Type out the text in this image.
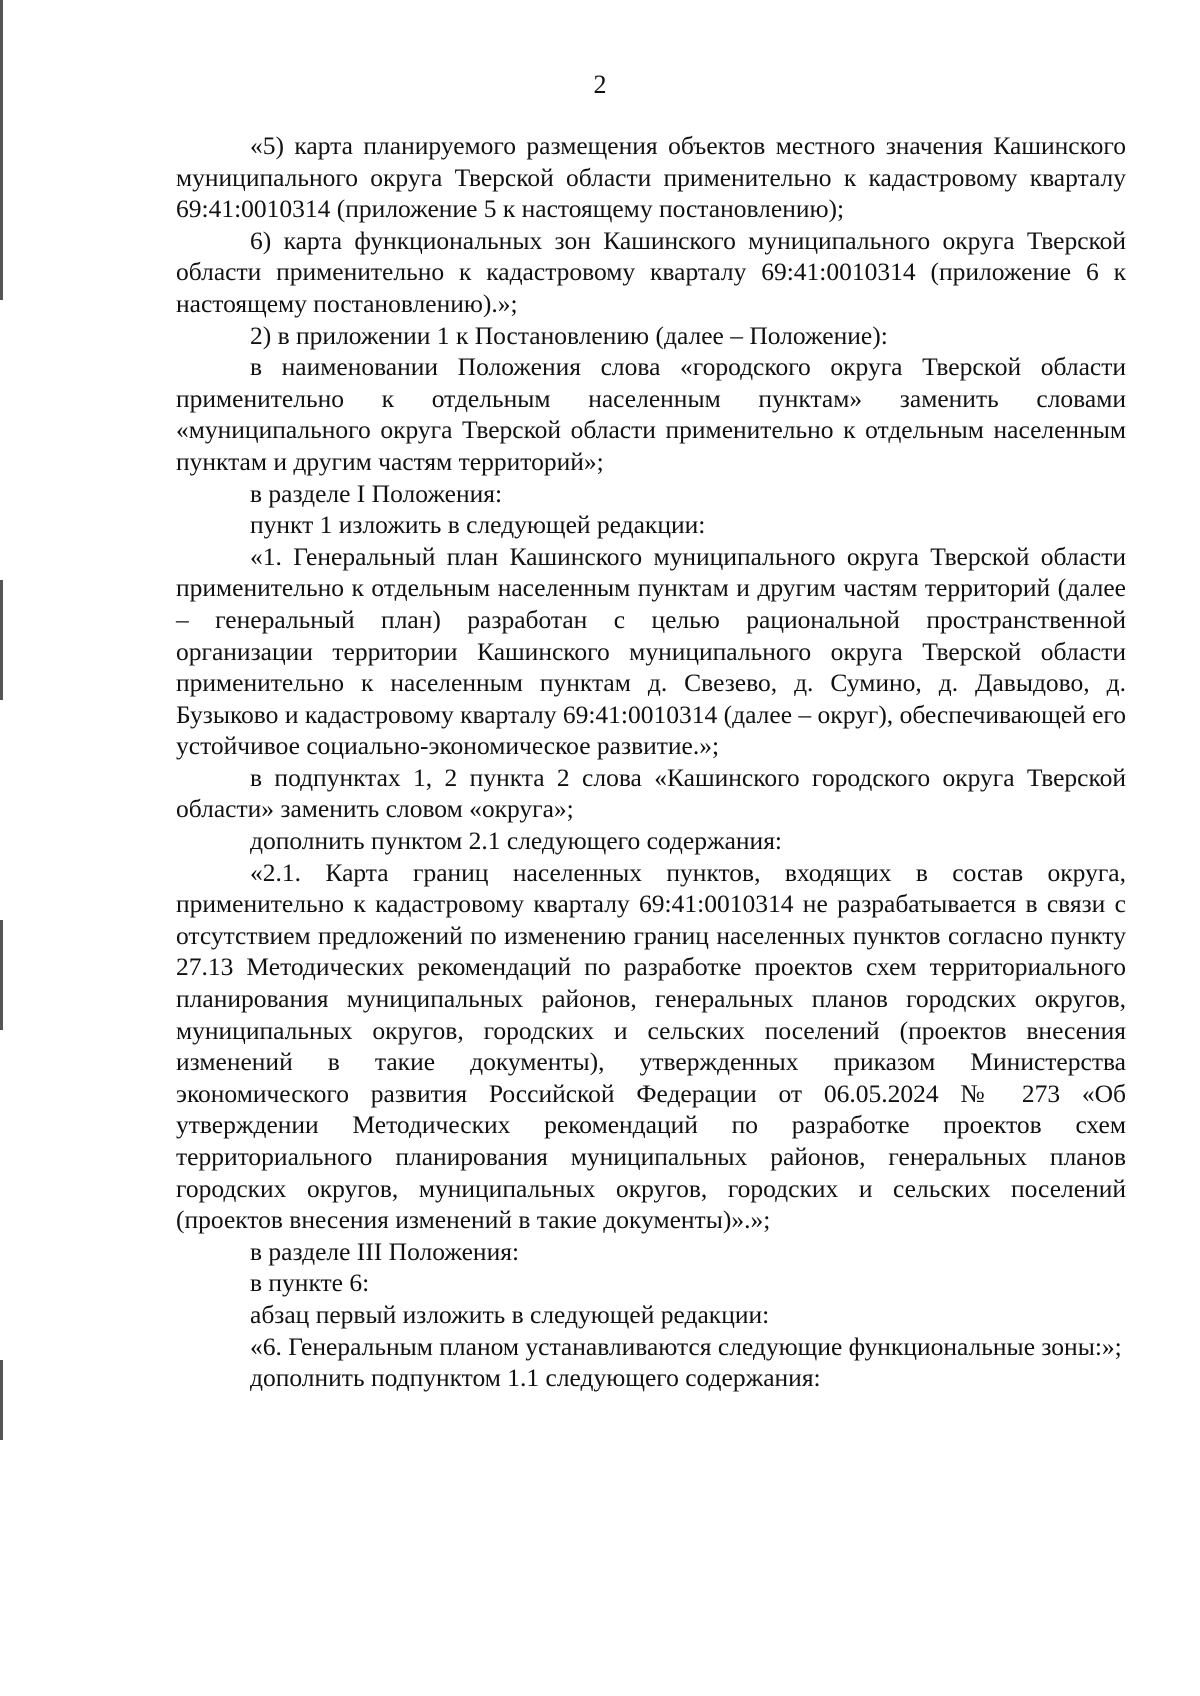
2

«5) карта планируемого размещения объектов местного значения Кашинского муниципального округа Тверской области применительно к кадастровому кварталу 69:41:0010314 (приложение 5 к настоящему постановлению);

6) карта функциональных зон Кашинского муниципального округа Тверской области применительно к кадастровому кварталу 69:41:0010314 (приложение 6 к настоящему постановлению).»;

2) в приложении 1 к Постановлению (далее – Положение):

в наименовании Положения слова «городского округа Тверской области применительно к отдельным населенным пунктам» заменить словами «муниципального округа Тверской области применительно к отдельным населенным пунктам и другим частям территорий»;

в разделе I Положения:

пункт 1 изложить в следующей редакции:

«1. Генеральный план Кашинского муниципального округа Тверской области применительно к отдельным населенным пунктам и другим частям территорий (далее – генеральный план) разработан с целью рациональной пространственной организации территории Кашинского муниципального округа Тверской области применительно к населенным пунктам д. Свезево, д. Сумино, д. Давыдово, д. Бузыково и кадастровому кварталу 69:41:0010314 (далее – округ), обеспечивающей его устойчивое социально-экономическое развитие.»;

в подпунктах 1, 2 пункта 2 слова «Кашинского городского округа Тверской области» заменить словом «округа»;

дополнить пунктом 2.1 следующего содержания:

«2.1. Карта границ населенных пунктов, входящих в состав округа, применительно к кадастровому кварталу 69:41:0010314 не разрабатывается в связи с отсутствием предложений по изменению границ населенных пунктов согласно пункту 27.13 Методических рекомендаций по разработке проектов схем территориального планирования муниципальных районов, генеральных планов городских округов, муниципальных округов, городских и сельских поселений (проектов внесения изменений в такие документы), утвержденных приказом Министерства экономического развития Российской Федерации от 06.05.2024 № 273 «Об утверждении Методических рекомендаций по разработке проектов схем территориального планирования муниципальных районов, генеральных планов городских округов, муниципальных округов, городских и сельских поселений (проектов внесения изменений в такие документы)».»;

в разделе III Положения:

в пункте 6:

абзац первый изложить в следующей редакции:

«6. Генеральным планом устанавливаются следующие функциональные зоны:»;

дополнить подпунктом 1.1 следующего содержания:
